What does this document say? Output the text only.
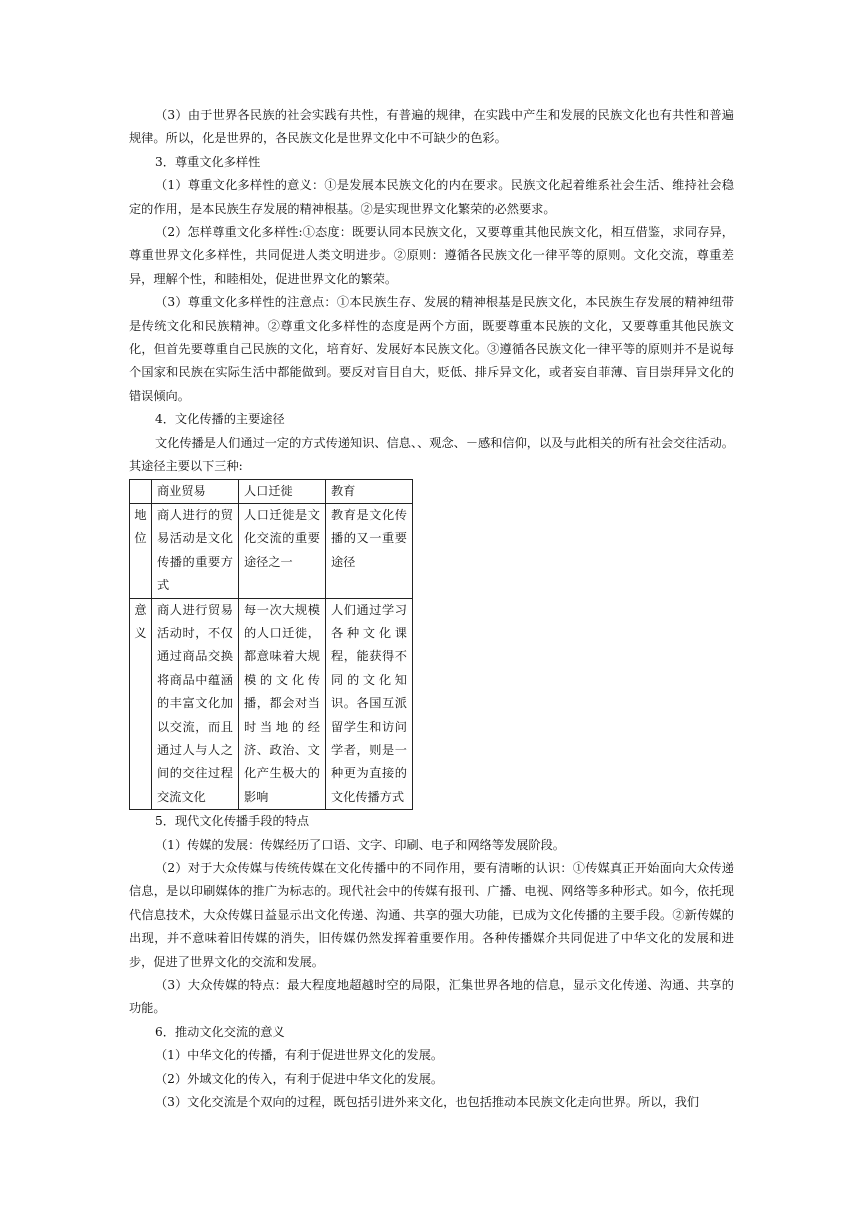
（3）由于世界各民族的社会实践有共性，有普遍的规律，在实践中产生和发展的民族文化也有共性和普遍规律。所以，化是世界的，各民族文化是世界文化中不可缺少的色彩。

3．尊重文化多样性

（1）尊重文化多样性的意义：①是发展本民族文化的内在要求。民族文化起着维系社会生活、维持社会稳定的作用，是本民族生存发展的精神根基。②是实现世界文化繁荣的必然要求。

（2）怎样尊重文化多样性:①态度：既要认同本民族文化，又要尊重其他民族文化，相互借鉴，求同存异，尊重世界文化多样性，共同促进人类文明进步。②原则：遵循各民族文化一律平等的原则。文化交流，尊重差异，理解个性，和睦相处，促进世界文化的繁荣。

（3）尊重文化多样性的注意点：①本民族生存、发展的精神根基是民族文化，本民族生存发展的精神纽带是传统文化和民族精神。②尊重文化多样性的态度是两个方面，既要尊重本民族的文化，又要尊重其他民族文化，但首先要尊重自己民族的文化，培育好、发展好本民族文化。③遵循各民族文化一律平等的原则并不是说每个国家和民族在实际生活中都能做到。要反对盲目自大，贬低、排斥异文化，或者妄自菲薄、盲目崇拜异文化的错误倾向。

4．文化传播的主要途径

文化传播是人们通过一定的方式传递知识、信息、、观念、－感和信仰，以及与此相关的所有社会交往活动。其途径主要以下三种:

	商业贸易	人口迁徙	教育
地位	商人进行的贸易活动是文化传播的重要方式	人口迁徙是文化交流的重要途径之一	教育是文化传播的又一重要途径
意义	商人进行贸易活动时，不仅通过商品交换将商品中蕴涵的丰富文化加以交流，而且通过人与人之间的交往过程交流文化	每一次大规模的人口迁徙，都意味着大规模的文化传播，都会对当时当地的经济、政治、文化产生极大的影响	人们通过学习各种文化课程，能获得不同的文化知识。各国互派留学生和访问学者，则是一种更为直接的文化传播方式

5．现代文化传播手段的特点

（1）传媒的发展：传媒经历了口语、文字、印刷、电子和网络等发展阶段。

（2）对于大众传媒与传统传媒在文化传播中的不同作用，要有清晰的认识：①传媒真正开始面向大众传递信息，是以印刷媒体的推广为标志的。现代社会中的传媒有报刊、广播、电视、网络等多种形式。如今，依托现代信息技术，大众传媒日益显示出文化传递、沟通、共享的强大功能，已成为文化传播的主要手段。②新传媒的出现，并不意味着旧传媒的消失，旧传媒仍然发挥着重要作用。各种传播媒介共同促进了中华文化的发展和进步，促进了世界文化的交流和发展。

（3）大众传媒的特点：最大程度地超越时空的局限，汇集世界各地的信息，显示文化传递、沟通、共享的功能。

6．推动文化交流的意义

（1）中华文化的传播，有利于促进世界文化的发展。

（2）外域文化的传入，有利于促进中华文化的发展。

（3）文化交流是个双向的过程，既包括引进外来文化，也包括推动本民族文化走向世界。所以，我们
